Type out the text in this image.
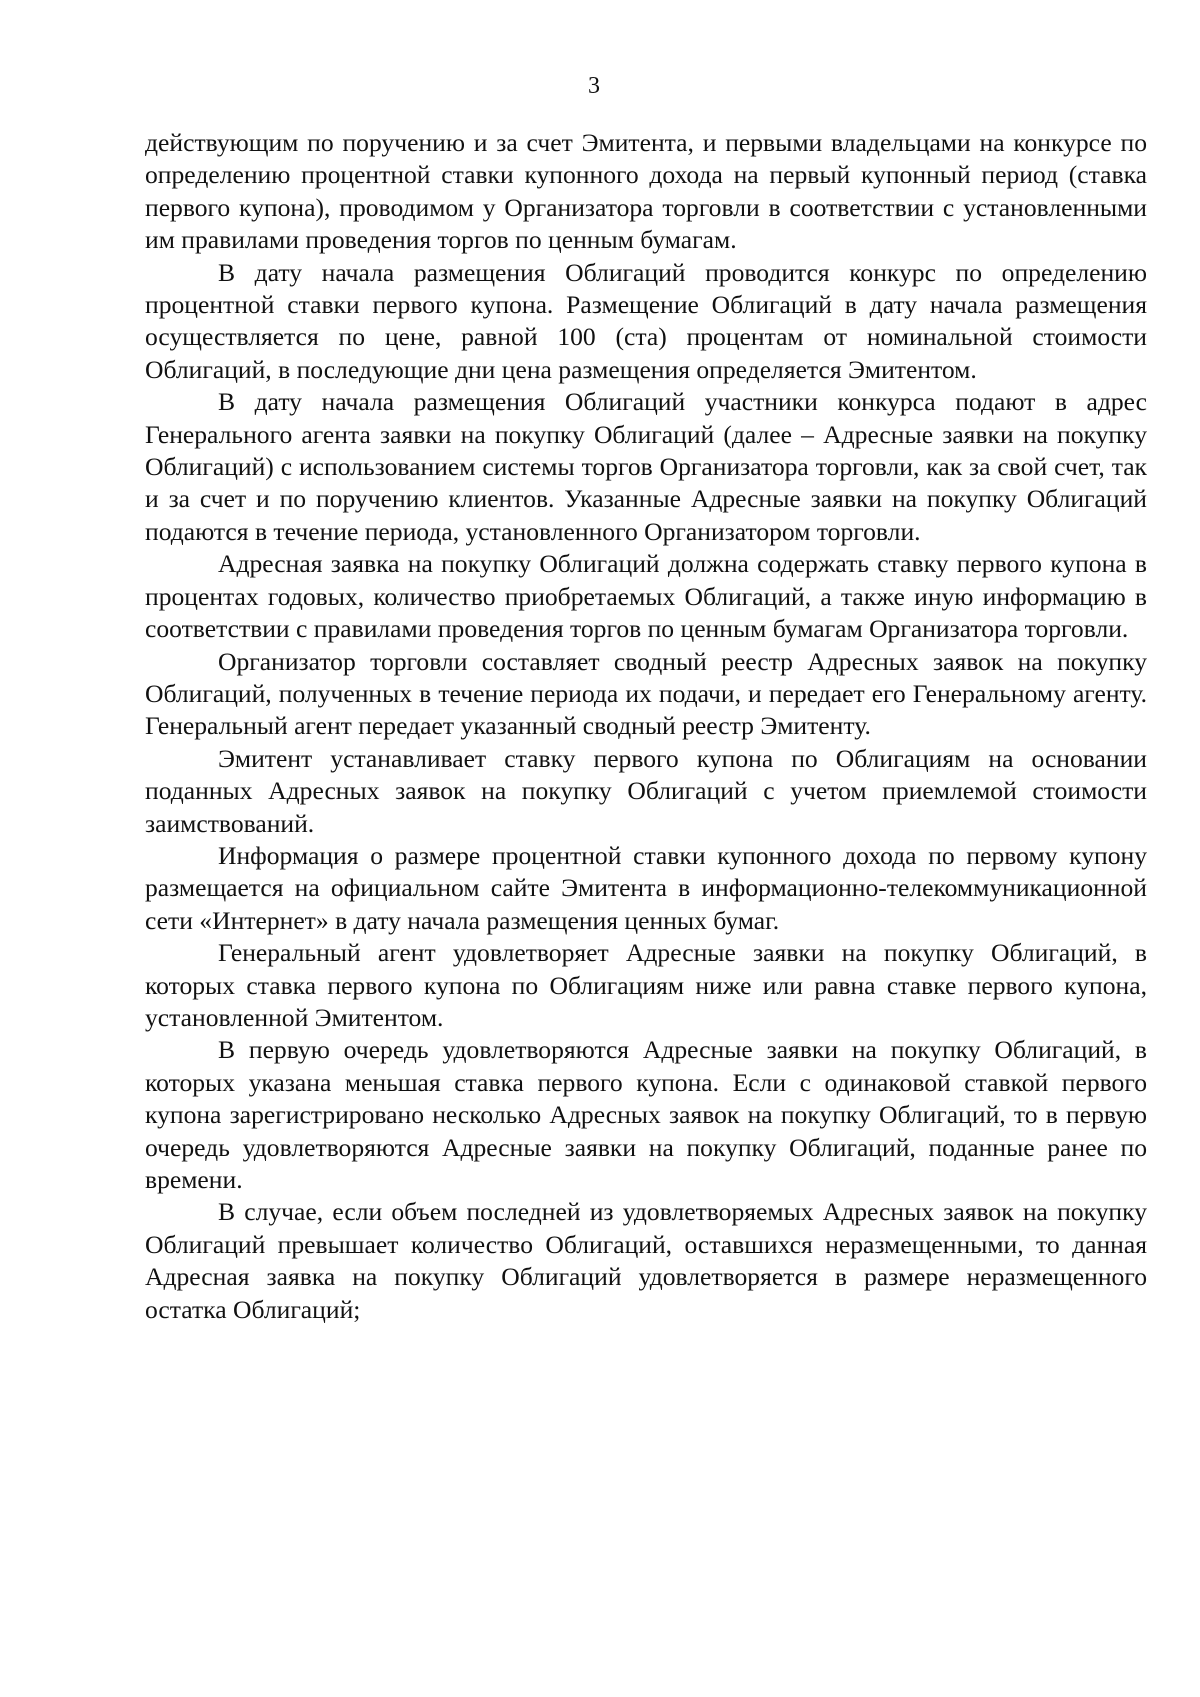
3

действующим по поручению и за счет Эмитента, и первыми владельцами на конкурсе по определению процентной ставки купонного дохода на первый купонный период (ставка первого купона), проводимом у Организатора торговли в соответствии с установленными им правилами проведения торгов по ценным бумагам.

В дату начала размещения Облигаций проводится конкурс по определению процентной ставки первого купона. Размещение Облигаций в дату начала размещения осуществляется по цене, равной 100 (ста) процентам от номинальной стоимости Облигаций, в последующие дни цена размещения определяется Эмитентом.

В дату начала размещения Облигаций участники конкурса подают в адрес Генерального агента заявки на покупку Облигаций (далее – Адресные заявки на покупку Облигаций) с использованием системы торгов Организатора торговли, как за свой счет, так и за счет и по поручению клиентов. Указанные Адресные заявки на покупку Облигаций подаются в течение периода, установленного Организатором торговли.

Адресная заявка на покупку Облигаций должна содержать ставку первого купона в процентах годовых, количество приобретаемых Облигаций, а также иную информацию в соответствии с правилами проведения торгов по ценным бумагам Организатора торговли.

Организатор торговли составляет сводный реестр Адресных заявок на покупку Облигаций, полученных в течение периода их подачи, и передает его Генеральному агенту. Генеральный агент передает указанный сводный реестр Эмитенту.

Эмитент устанавливает ставку первого купона по Облигациям на основании поданных Адресных заявок на покупку Облигаций с учетом приемлемой стоимости заимствований.

Информация о размере процентной ставки купонного дохода по первому купону размещается на официальном сайте Эмитента в информационно-телекоммуникационной сети «Интернет» в дату начала размещения ценных бумаг.

Генеральный агент удовлетворяет Адресные заявки на покупку Облигаций, в которых ставка первого купона по Облигациям ниже или равна ставке первого купона, установленной Эмитентом.

В первую очередь удовлетворяются Адресные заявки на покупку Облигаций, в которых указана меньшая ставка первого купона. Если с одинаковой ставкой первого купона зарегистрировано несколько Адресных заявок на покупку Облигаций, то в первую очередь удовлетворяются Адресные заявки на покупку Облигаций, поданные ранее по времени.

В случае, если объем последней из удовлетворяемых Адресных заявок на покупку Облигаций превышает количество Облигаций, оставшихся неразмещенными, то данная Адресная заявка на покупку Облигаций удовлетворяется в размере неразмещенного остатка Облигаций;
